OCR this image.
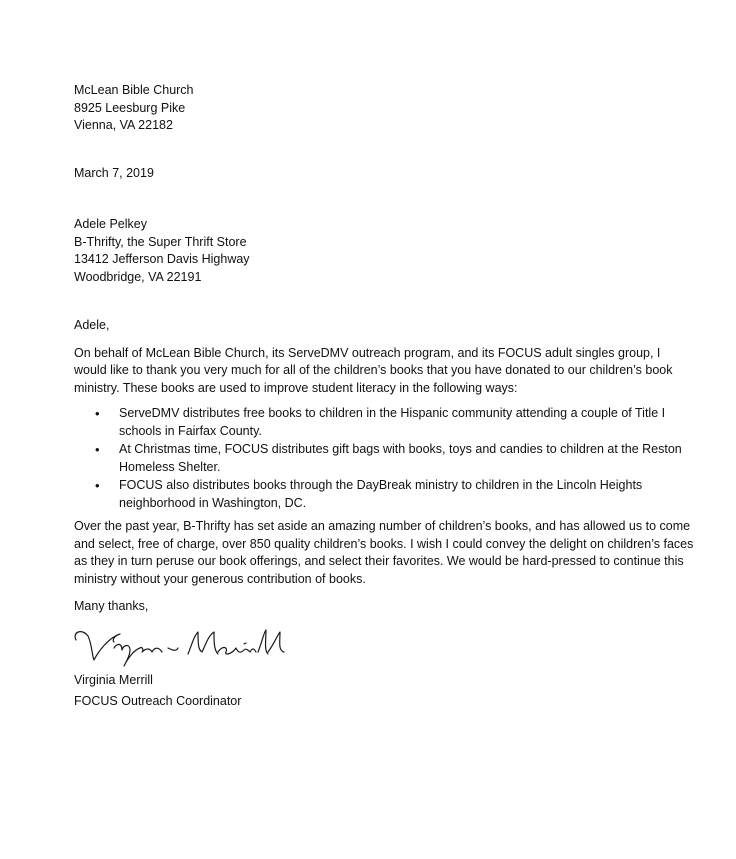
McLean Bible Church
8925 Leesburg Pike
Vienna, VA 22182
March 7, 2019
Adele Pelkey
B-Thrifty, the Super Thrift Store
13412 Jefferson Davis Highway
Woodbridge, VA 22191
Adele,
On behalf of McLean Bible Church, its ServeDMV outreach program, and its FOCUS adult singles group, I would like to thank you very much for all of the children’s books that you have donated to our children’s book ministry. These books are used to improve student literacy in the following ways:
• ServeDMV distributes free books to children in the Hispanic community attending a couple of Title I schools in Fairfax County.
• At Christmas time, FOCUS distributes gift bags with books, toys and candies to children at the Reston Homeless Shelter.
• FOCUS also distributes books through the DayBreak ministry to children in the Lincoln Heights neighborhood in Washington, DC.
Over the past year, B-Thrifty has set aside an amazing number of children’s books, and has allowed us to come and select, free of charge, over 850 quality children’s books. I wish I could convey the delight on children’s faces as they in turn peruse our book offerings, and select their favorites. We would be hard-pressed to continue this ministry without your generous contribution of books.
Many thanks,
Virginia Merrill
FOCUS Outreach Coordinator
